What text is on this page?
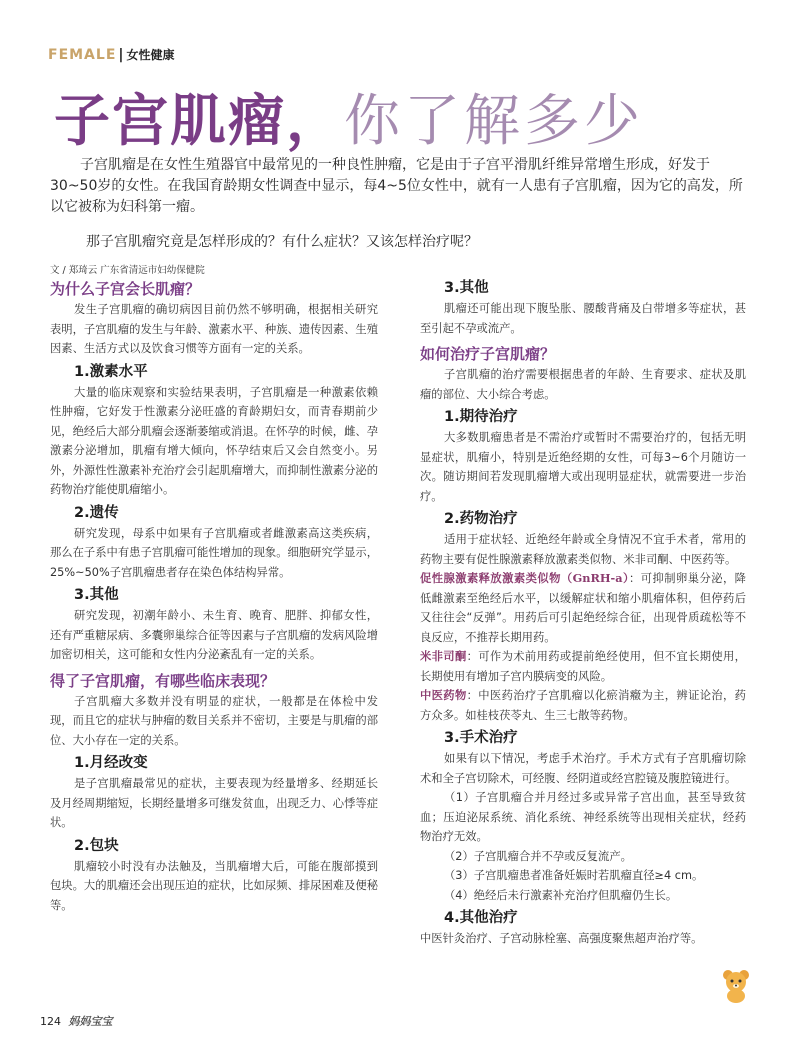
FEMALE | 女性健康
子宫肌瘤，你了解多少

子宫肌瘤是在女性生殖器官中最常见的一种良性肿瘤，它是由于子宫平滑肌纤维异常增生形成，好发于30~50岁的女性。在我国育龄期女性调查中显示，每4~5位女性中，就有一人患有子宫肌瘤，因为它的高发，所以它被称为妇科第一瘤。

那子宫肌瘤究竟是怎样形成的？有什么症状？又该怎样治疗呢？

文 / 郑琦云 广东省清远市妇幼保健院
为什么子宫会长肌瘤？

发生子宫肌瘤的确切病因目前仍然不够明确，根据相关研究表明，子宫肌瘤的发生与年龄、激素水平、种族、遗传因素、生殖因素、生活方式以及饮食习惯等方面有一定的关系。

1.激素水平

大量的临床观察和实验结果表明，子宫肌瘤是一种激素依赖性肿瘤，它好发于性激素分泌旺盛的育龄期妇女，而青春期前少见，绝经后大部分肌瘤会逐渐萎缩或消退。在怀孕的时候，雌、孕激素分泌增加，肌瘤有增大倾向，怀孕结束后又会自然变小。另外，外源性性激素补充治疗会引起肌瘤增大，而抑制性激素分泌的药物治疗能使肌瘤缩小。

2.遗传

研究发现，母系中如果有子宫肌瘤或者雌激素高这类疾病，那么在子系中有患子宫肌瘤可能性增加的现象。细胞研究学显示，25%~50%子宫肌瘤患者存在染色体结构异常。

3.其他

研究发现，初潮年龄小、未生育、晚育、肥胖、抑郁女性，还有严重糖尿病、多囊卵巢综合征等因素与子宫肌瘤的发病风险增加密切相关，这可能和女性内分泌紊乱有一定的关系。

得了子宫肌瘤，有哪些临床表现？

子宫肌瘤大多数并没有明显的症状，一般都是在体检中发现，而且它的症状与肿瘤的数目关系并不密切，主要是与肌瘤的部位、大小存在一定的关系。

1.月经改变

是子宫肌瘤最常见的症状，主要表现为经量增多、经期延长及月经周期缩短，长期经量增多可继发贫血，出现乏力、心悸等症状。

2.包块

肌瘤较小时没有办法触及，当肌瘤增大后，可能在腹部摸到包块。大的肌瘤还会出现压迫的症状，比如尿频、排尿困难及便秘等。

3.其他

肌瘤还可能出现下腹坠胀、腰酸背痛及白带增多等症状，甚至引起不孕或流产。

如何治疗子宫肌瘤？

子宫肌瘤的治疗需要根据患者的年龄、生育要求、症状及肌瘤的部位、大小综合考虑。

1.期待治疗

大多数肌瘤患者是不需治疗或暂时不需要治疗的，包括无明显症状，肌瘤小，特别是近绝经期的女性，可每3~6个月随访一次。随访期间若发现肌瘤增大或出现明显症状，就需要进一步治疗。

2.药物治疗

适用于症状轻、近绝经年龄或全身情况不宜手术者，常用的药物主要有促性腺激素释放激素类似物、米非司酮、中医药等。

促性腺激素释放激素类似物（GnRH-a）：可抑制卵巢分泌，降低雌激素至绝经后水平，以缓解症状和缩小肌瘤体积，但停药后又往往会“反弹”。用药后可引起绝经综合征，出现骨质疏松等不良反应，不推荐长期用药。

米非司酮：可作为术前用药或提前绝经使用，但不宜长期使用，长期使用有增加子宫内膜病变的风险。

中医药物：中医药治疗子宫肌瘤以化瘀消癥为主，辨证论治，药方众多。如桂枝茯苓丸、生三七散等药物。

3.手术治疗

如果有以下情况，考虑手术治疗。手术方式有子宫肌瘤切除术和全子宫切除术，可经腹、经阴道或经宫腔镜及腹腔镜进行。

（1）子宫肌瘤合并月经过多或异常子宫出血，甚至导致贫血；压迫泌尿系统、消化系统、神经系统等出现相关症状，经药物治疗无效。

（2）子宫肌瘤合并不孕或反复流产。

（3）子宫肌瘤患者准备妊娠时若肌瘤直径≥4 cm。

（4）绝经后未行激素补充治疗但肌瘤仍生长。

4.其他治疗

中医针灸治疗、子宫动脉栓塞、高强度聚焦超声治疗等。

124 妈妈宝宝
